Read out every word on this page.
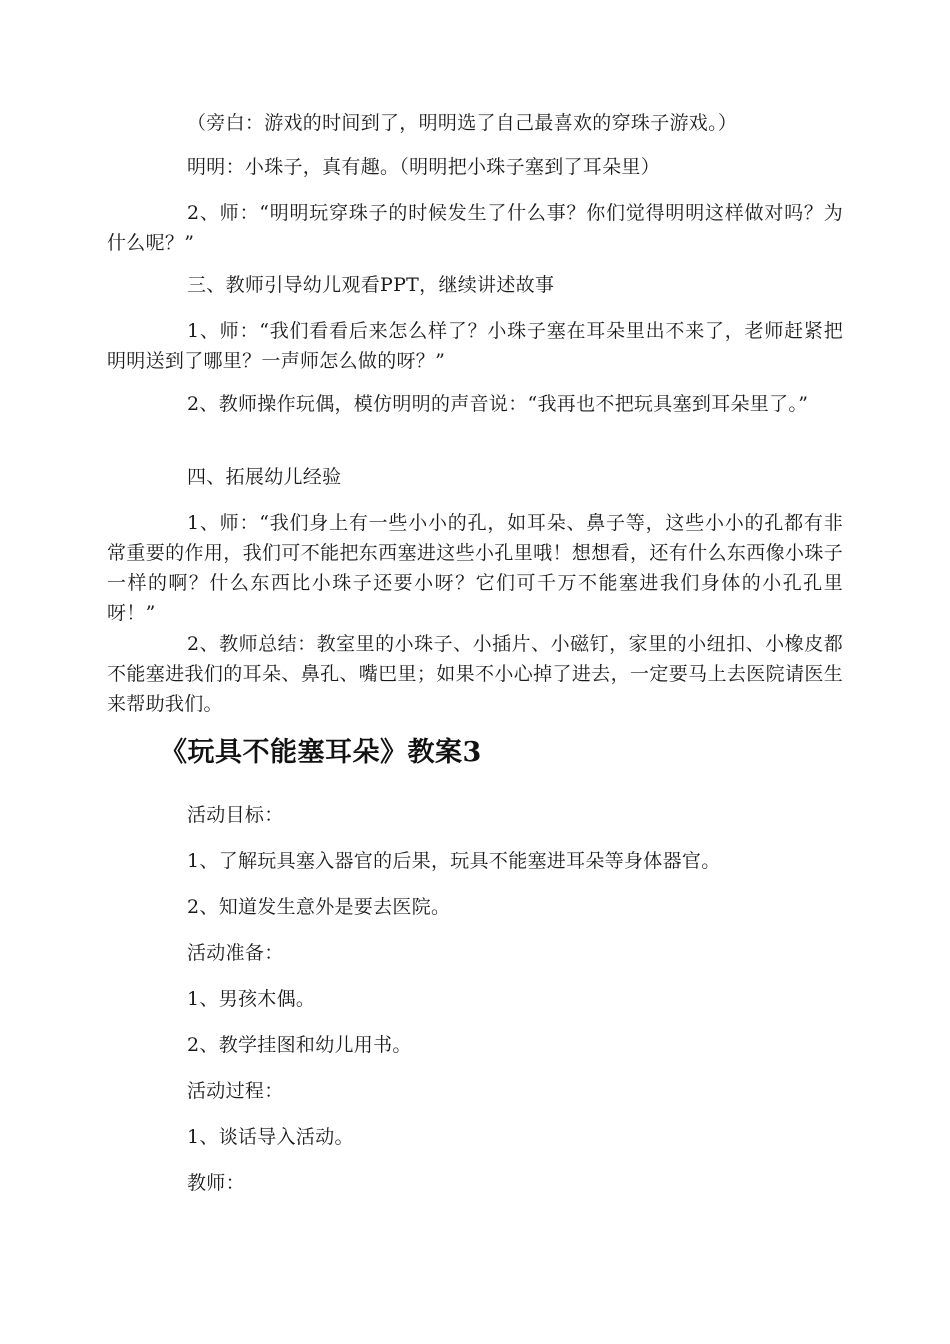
（旁白：游戏的时间到了，明明选了自己最喜欢的穿珠子游戏。）

明明：小珠子，真有趣。（明明把小珠子塞到了耳朵里）

2、师：“明明玩穿珠子的时候发生了什么事？你们觉得明明这样做对吗？为什么呢？”

三、教师引导幼儿观看PPT，继续讲述故事

1、师：“我们看看后来怎么样了？小珠子塞在耳朵里出不来了，老师赶紧把明明送到了哪里？一声师怎么做的呀？”

2、教师操作玩偶，模仿明明的声音说：“我再也不把玩具塞到耳朵里了。”

四、拓展幼儿经验

1、师：“我们身上有一些小小的孔，如耳朵、鼻子等，这些小小的孔都有非常重要的作用，我们可不能把东西塞进这些小孔里哦！想想看，还有什么东西像小珠子一样的啊？什么东西比小珠子还要小呀？它们可千万不能塞进我们身体的小孔孔里呀！”

2、教师总结：教室里的小珠子、小插片、小磁钉，家里的小纽扣、小橡皮都不能塞进我们的耳朵、鼻孔、嘴巴里；如果不小心掉了进去，一定要马上去医院请医生来帮助我们。

《玩具不能塞耳朵》教案3

活动目标：

1、了解玩具塞入器官的后果，玩具不能塞进耳朵等身体器官。

2、知道发生意外是要去医院。

活动准备：

1、男孩木偶。

2、教学挂图和幼儿用书。

活动过程：

1、谈话导入活动。

教师：
